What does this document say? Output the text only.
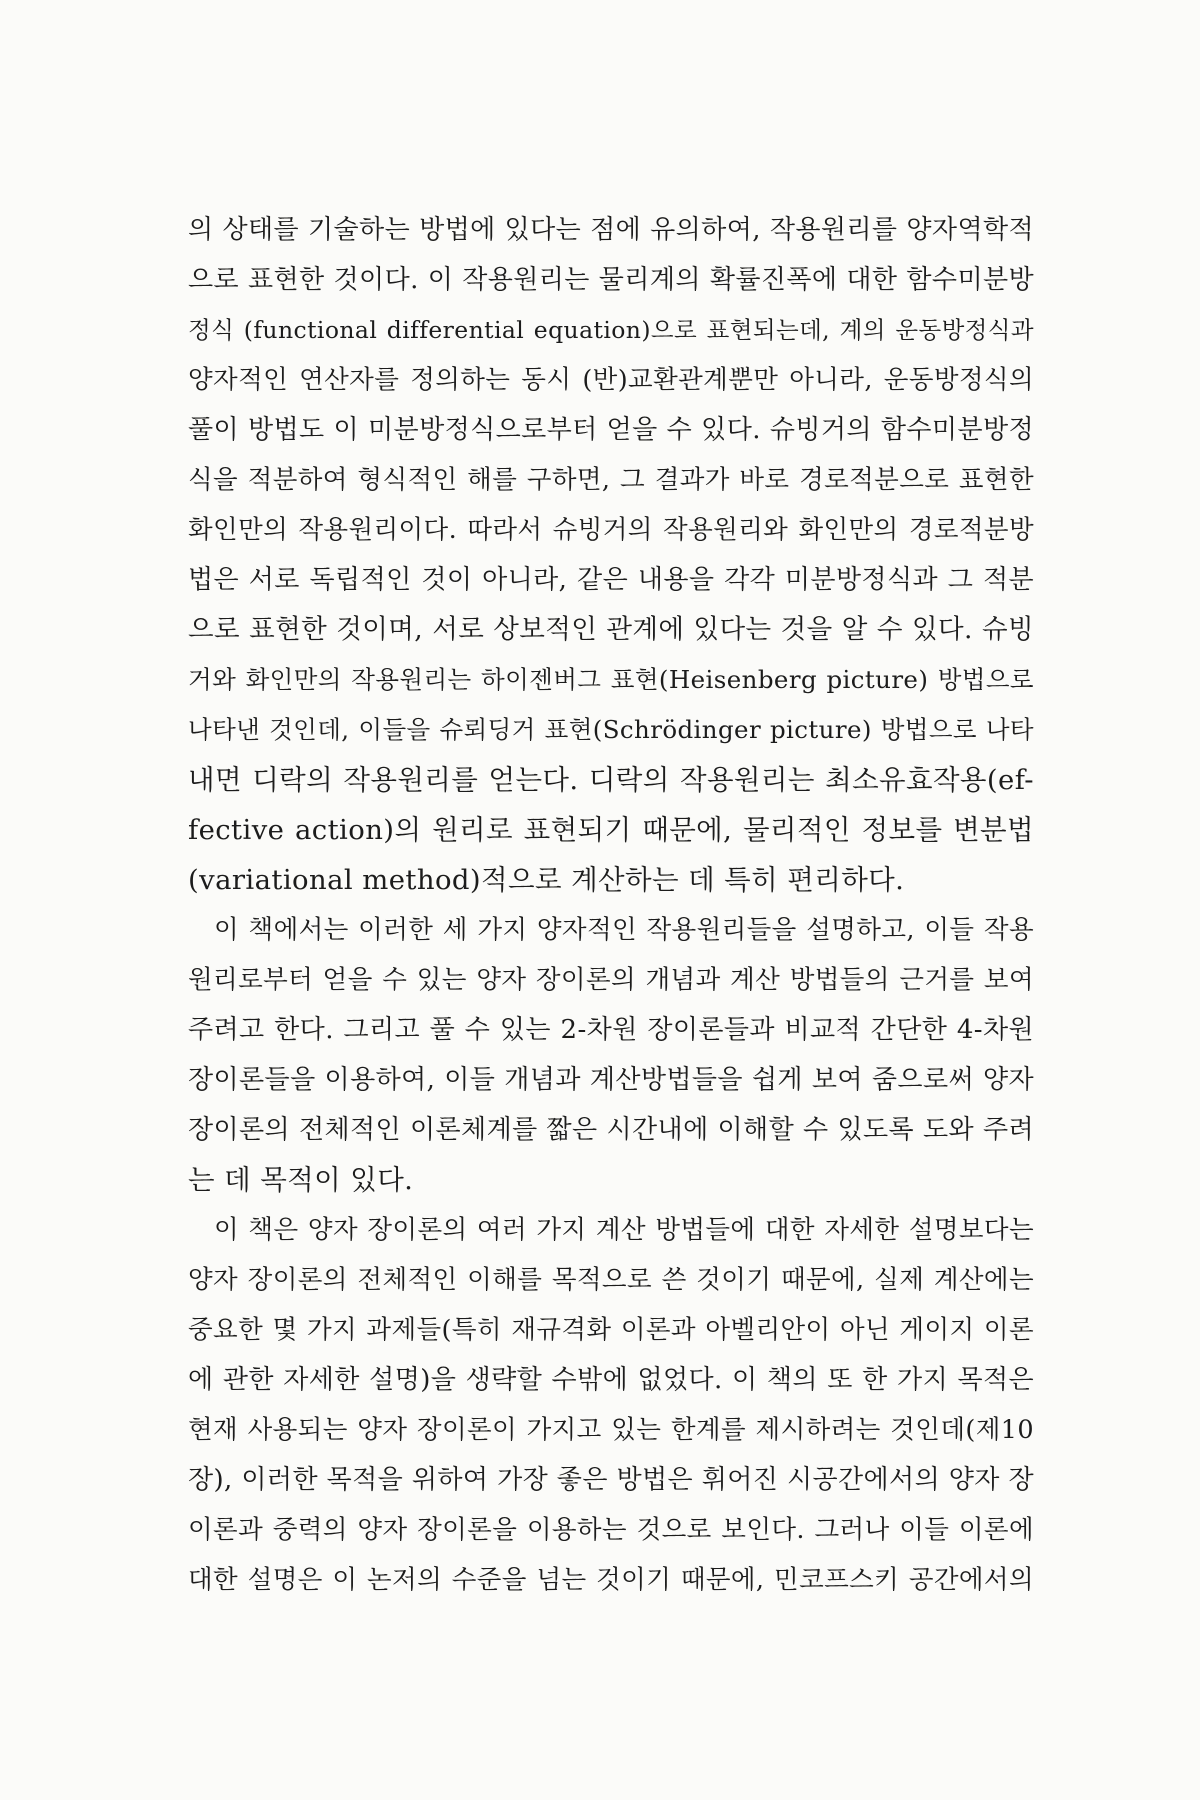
의 상태를 기술하는 방법에 있다는 점에 유의하여, 작용원리를 양자역학적
으로 표현한 것이다. 이 작용원리는 물리계의 확률진폭에 대한 함수미분방
정식 (functional differential equation)으로 표현되는데, 계의 운동방정식과
양자적인 연산자를 정의하는 동시 (반)교환관계뿐만 아니라, 운동방정식의
풀이 방법도 이 미분방정식으로부터 얻을 수 있다. 슈빙거의 함수미분방정
식을 적분하여 형식적인 해를 구하면, 그 결과가 바로 경로적분으로 표현한
화인만의 작용원리이다. 따라서 슈빙거의 작용원리와 화인만의 경로적분방
법은 서로 독립적인 것이 아니라, 같은 내용을 각각 미분방정식과 그 적분
으로 표현한 것이며, 서로 상보적인 관계에 있다는 것을 알 수 있다. 슈빙
거와 화인만의 작용원리는 하이젠버그 표현(Heisenberg picture) 방법으로
나타낸 것인데, 이들을 슈뢰딩거 표현(Schrödinger picture) 방법으로 나타
내면 디락의 작용원리를 얻는다. 디락의 작용원리는 최소유효작용(ef-
fective action)의 원리로 표현되기 때문에, 물리적인 정보를 변분법
(variational method)적으로 계산하는 데 특히 편리하다.

이 책에서는 이러한 세 가지 양자적인 작용원리들을 설명하고, 이들 작용
원리로부터 얻을 수 있는 양자 장이론의 개념과 계산 방법들의 근거를 보여
주려고 한다. 그리고 풀 수 있는 2-차원 장이론들과 비교적 간단한 4-차원
장이론들을 이용하여, 이들 개념과 계산방법들을 쉽게 보여 줌으로써 양자
장이론의 전체적인 이론체계를 짧은 시간내에 이해할 수 있도록 도와 주려
는 데 목적이 있다.

이 책은 양자 장이론의 여러 가지 계산 방법들에 대한 자세한 설명보다는
양자 장이론의 전체적인 이해를 목적으로 쓴 것이기 때문에, 실제 계산에는
중요한 몇 가지 과제들(특히 재규격화 이론과 아벨리안이 아닌 게이지 이론
에 관한 자세한 설명)을 생략할 수밖에 없었다. 이 책의 또 한 가지 목적은
현재 사용되는 양자 장이론이 가지고 있는 한계를 제시하려는 것인데(제10
장), 이러한 목적을 위하여 가장 좋은 방법은 휘어진 시공간에서의 양자 장
이론과 중력의 양자 장이론을 이용하는 것으로 보인다. 그러나 이들 이론에
대한 설명은 이 논저의 수준을 넘는 것이기 때문에, 민코프스키 공간에서의
